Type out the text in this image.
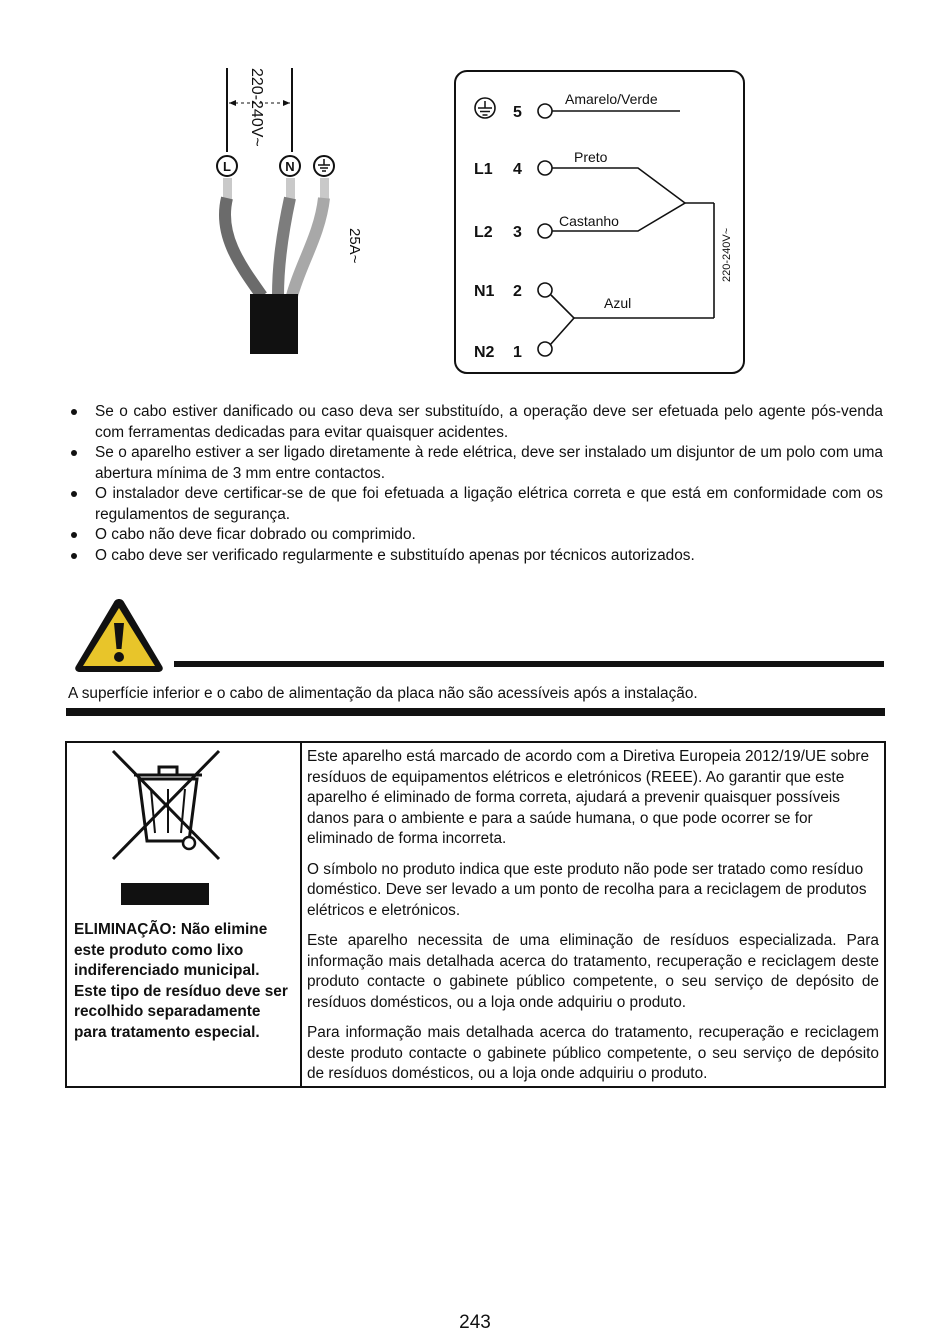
220-240V~
L	N
25A~
L1
L2
N1
N2
5
4
3
2
1
Amarelo/Verde
Preto
Castanho
Azul
220-240V~
Se o cabo estiver danificado ou caso deva ser substituído, a operação deve ser efetuada pelo agente pós-venda com ferramentas dedicadas para evitar quaisquer acidentes.
Se o aparelho estiver a ser ligado diretamente à rede elétrica, deve ser instalado um disjuntor de um polo com uma abertura mínima de 3 mm entre contactos.
O instalador deve certificar-se de que foi efetuada a ligação elétrica correta e que está em conformidade com os regulamentos de segurança.
O cabo não deve ficar dobrado ou comprimido.
O cabo deve ser verificado regularmente e substituído apenas por técnicos autorizados.
A superfície inferior e o cabo de alimentação da placa não são acessíveis após a instalação.
ELIMINAÇÃO: Não elimine este produto como lixo indiferenciado municipal. Este tipo de resíduo deve ser recolhido separadamente para tratamento especial.

Este aparelho está marcado de acordo com a Diretiva Europeia 2012/19/UE sobre resíduos de equipamentos elétricos e eletrónicos (REEE). Ao garantir que este aparelho é eliminado de forma correta, ajudará a prevenir quaisquer possíveis danos para o ambiente e para a saúde humana, o que pode ocorrer se for eliminado de forma incorreta.

O símbolo no produto indica que este produto não pode ser tratado como resíduo doméstico. Deve ser levado a um ponto de recolha para a reciclagem de produtos elétricos e eletrónicos.

Este aparelho necessita de uma eliminação de resíduos especializada. Para informação mais detalhada acerca do tratamento, recuperação e reciclagem deste produto contacte o gabinete público competente, o seu serviço de depósito de resíduos domésticos, ou a loja onde adquiriu o produto.

Para informação mais detalhada acerca do tratamento, recuperação e reciclagem deste produto contacte o gabinete público competente, o seu serviço de depósito de resíduos domésticos, ou a loja onde adquiriu o produto.

243
